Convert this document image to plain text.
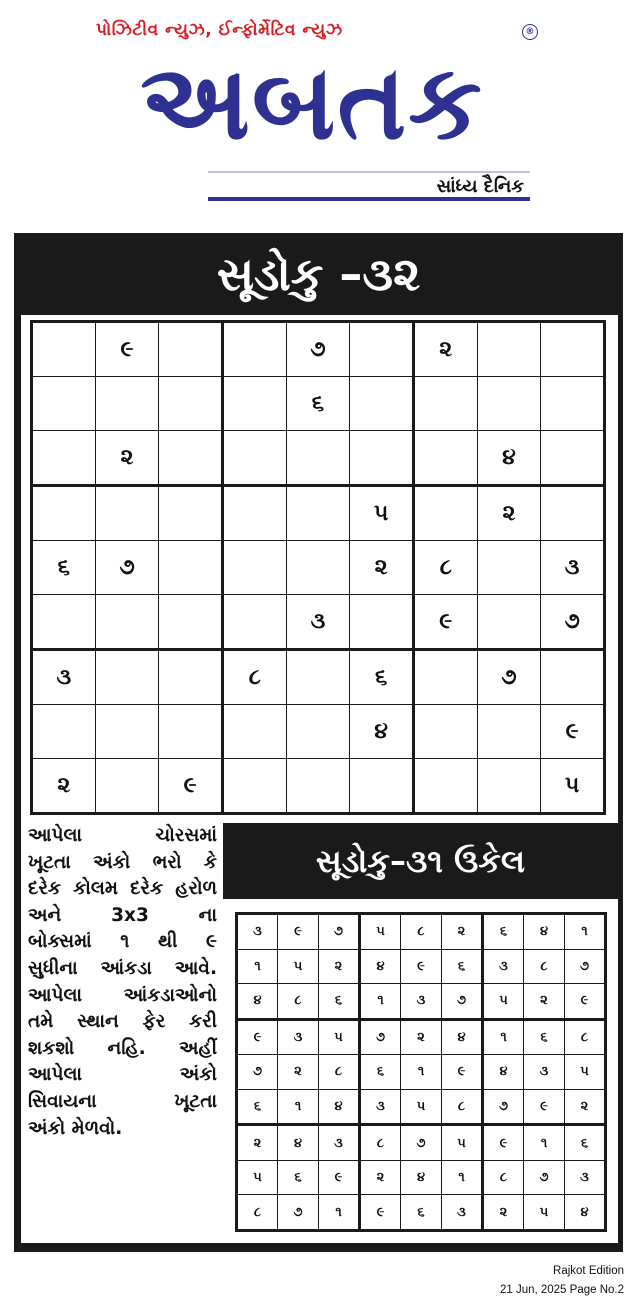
પોઝિટીવ ન્યુઝ, ઈન્ફોર્મેટિવ ન્યુઝ	®
અબતક
સાંધ્ય દૈનિક
સૂડોકુ –૩૨
	૯			૭		૨		
				૬				
	૨						૪	
					૫		૨	
૬	૭				૨	૮		૩
				૩		૯		૭
૩			૮		૬		૭	
					૪			૯
૨		૯						૫
આપેલા ચોરસમાં
ખૂટતા અંકો ભરો કે
દરેક કોલમ દરેક હરોળ
અને 3x3 ના
બોક્સમાં ૧ થી ૯
સુધીના આંકડા આવે.
આપેલા આંકડાઓનો
તમે સ્થાન ફેર કરી
શકશો નહિ. અહીં
આપેલા અંકો
સિવાયના ખૂટતા
અંકો મેળવો.
સૂડોકુ–૩૧ ઉકેલ
૩	૯	૭	૫	૮	૨	૬	૪	૧
૧	૫	૨	૪	૯	૬	૩	૮	૭
૪	૮	૬	૧	૩	૭	૫	૨	૯
૯	૩	૫	૭	૨	૪	૧	૬	૮
૭	૨	૮	૬	૧	૯	૪	૩	૫
૬	૧	૪	૩	૫	૮	૭	૯	૨
૨	૪	૩	૮	૭	૫	૯	૧	૬
૫	૬	૯	૨	૪	૧	૮	૭	૩
૮	૭	૧	૯	૬	૩	૨	૫	૪
Rajkot Edition
21 Jun, 2025 Page No.2
